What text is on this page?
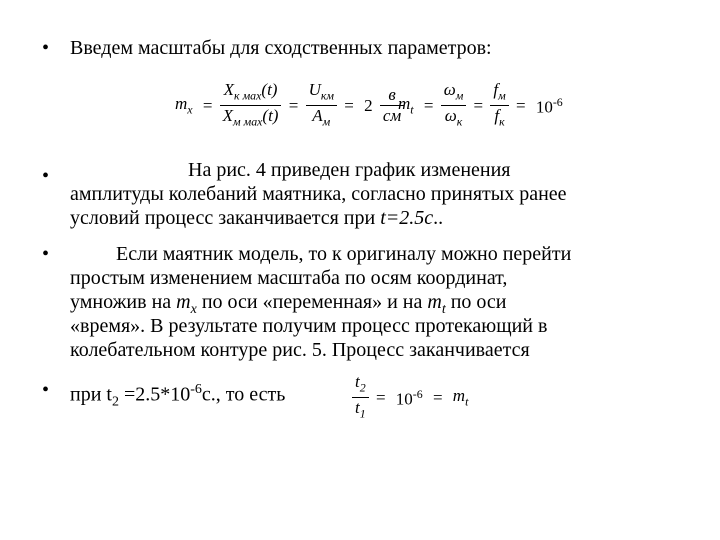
•	Введем масштабы для сходственных параметров:
$m_x = \frac{X_{к мах}(t)}{X_{м мах}(t)} = \frac{U_{км}}{A_м} = 2 \frac{в}{см}$
$m_t = \frac{\omega_м}{\omega_к} = \frac{f_м}{f_к} = 10^{-6}$
•	На рис. 4 приведен график изменения
амплитуды колебаний маятника, согласно принятых ранее
условий процесс заканчивается при t=2.5c..
•	Если маятник модель, то к оригиналу можно перейти
простым изменением масштаба по осям координат,
умножив на $m_x$ по оси «переменная» и на $m_t$ по оси
«время». В результате получим процесс протекающий в
колебательном контуре рис. 5. Процесс заканчивается
•	при $t_2 =2.5*10^{-6}c$., то есть	$\frac{t_2}{t_1} = 10^{-6} = m_t$
